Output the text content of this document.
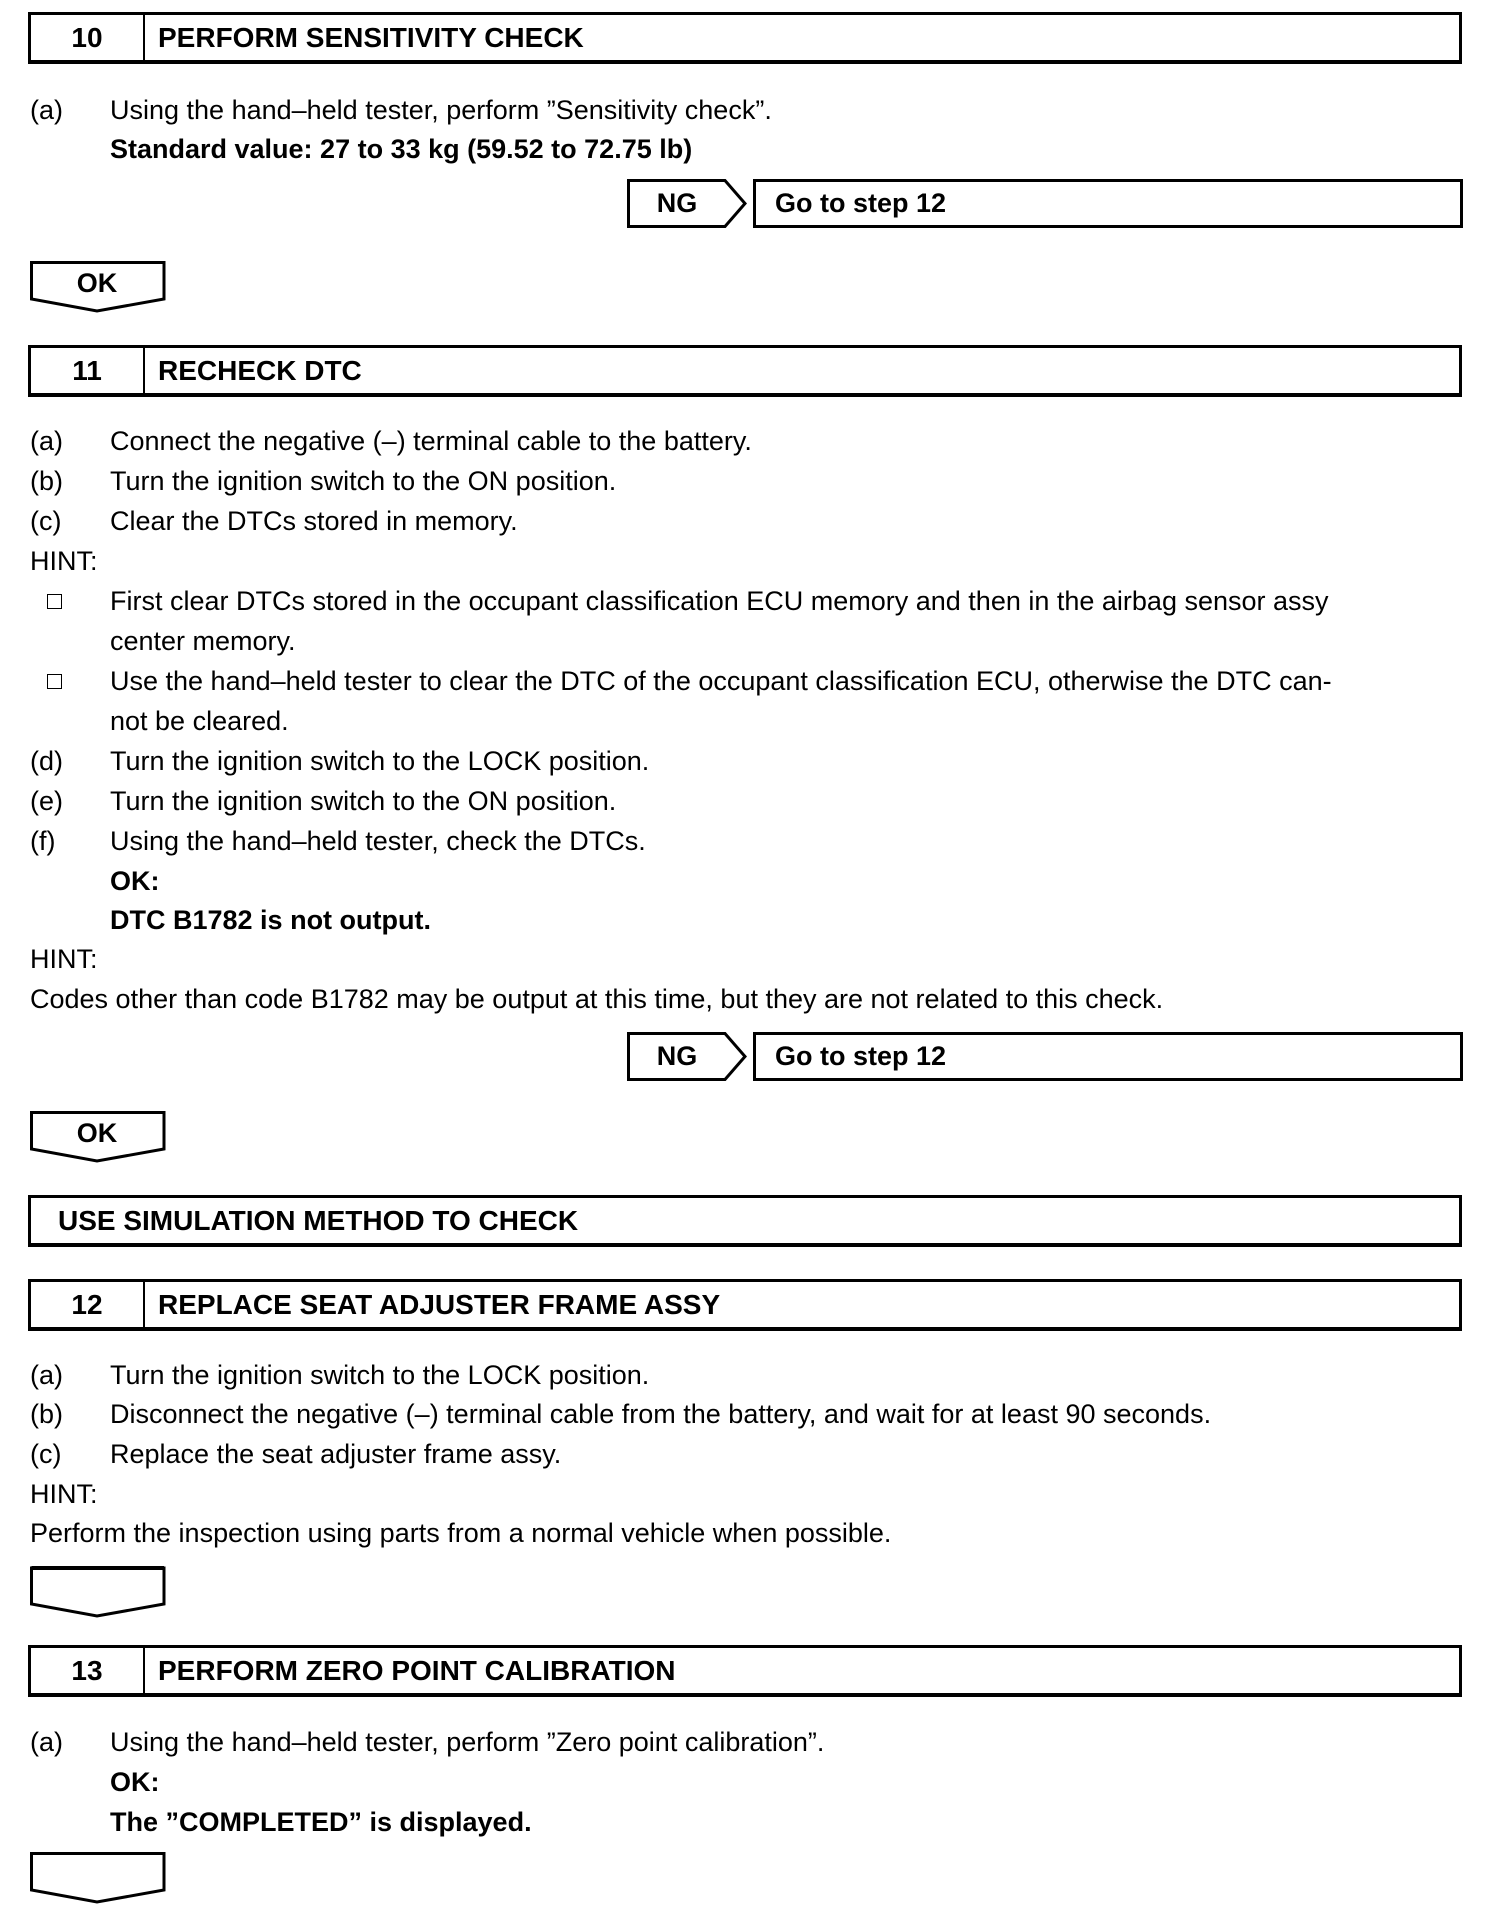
10	PERFORM SENSITIVITY CHECK
(a) Using the hand–held tester, perform ”Sensitivity check”.
Standard value: 27 to 33 kg (59.52 to 72.75 lb)
NG	Go to step 12
OK
11	RECHECK DTC
(a) Connect the negative (–) terminal cable to the battery.
(b) Turn the ignition switch to the ON position.
(c) Clear the DTCs stored in memory.
HINT:
First clear DTCs stored in the occupant classification ECU memory and then in the airbag sensor assy
center memory.
Use the hand–held tester to clear the DTC of the occupant classification ECU, otherwise the DTC can-
not be cleared.
(d) Turn the ignition switch to the LOCK position.
(e) Turn the ignition switch to the ON position.
(f) Using the hand–held tester, check the DTCs.
OK:
DTC B1782 is not output.
HINT:
Codes other than code B1782 may be output at this time, but they are not related to this check.
NG	Go to step 12
OK
USE SIMULATION METHOD TO CHECK
12	REPLACE SEAT ADJUSTER FRAME ASSY
(a) Turn the ignition switch to the LOCK position.
(b) Disconnect the negative (–) terminal cable from the battery, and wait for at least 90 seconds.
(c) Replace the seat adjuster frame assy.
HINT:
Perform the inspection using parts from a normal vehicle when possible.
13	PERFORM ZERO POINT CALIBRATION
(a) Using the hand–held tester, perform ”Zero point calibration”.
OK:
The ”COMPLETED” is displayed.
